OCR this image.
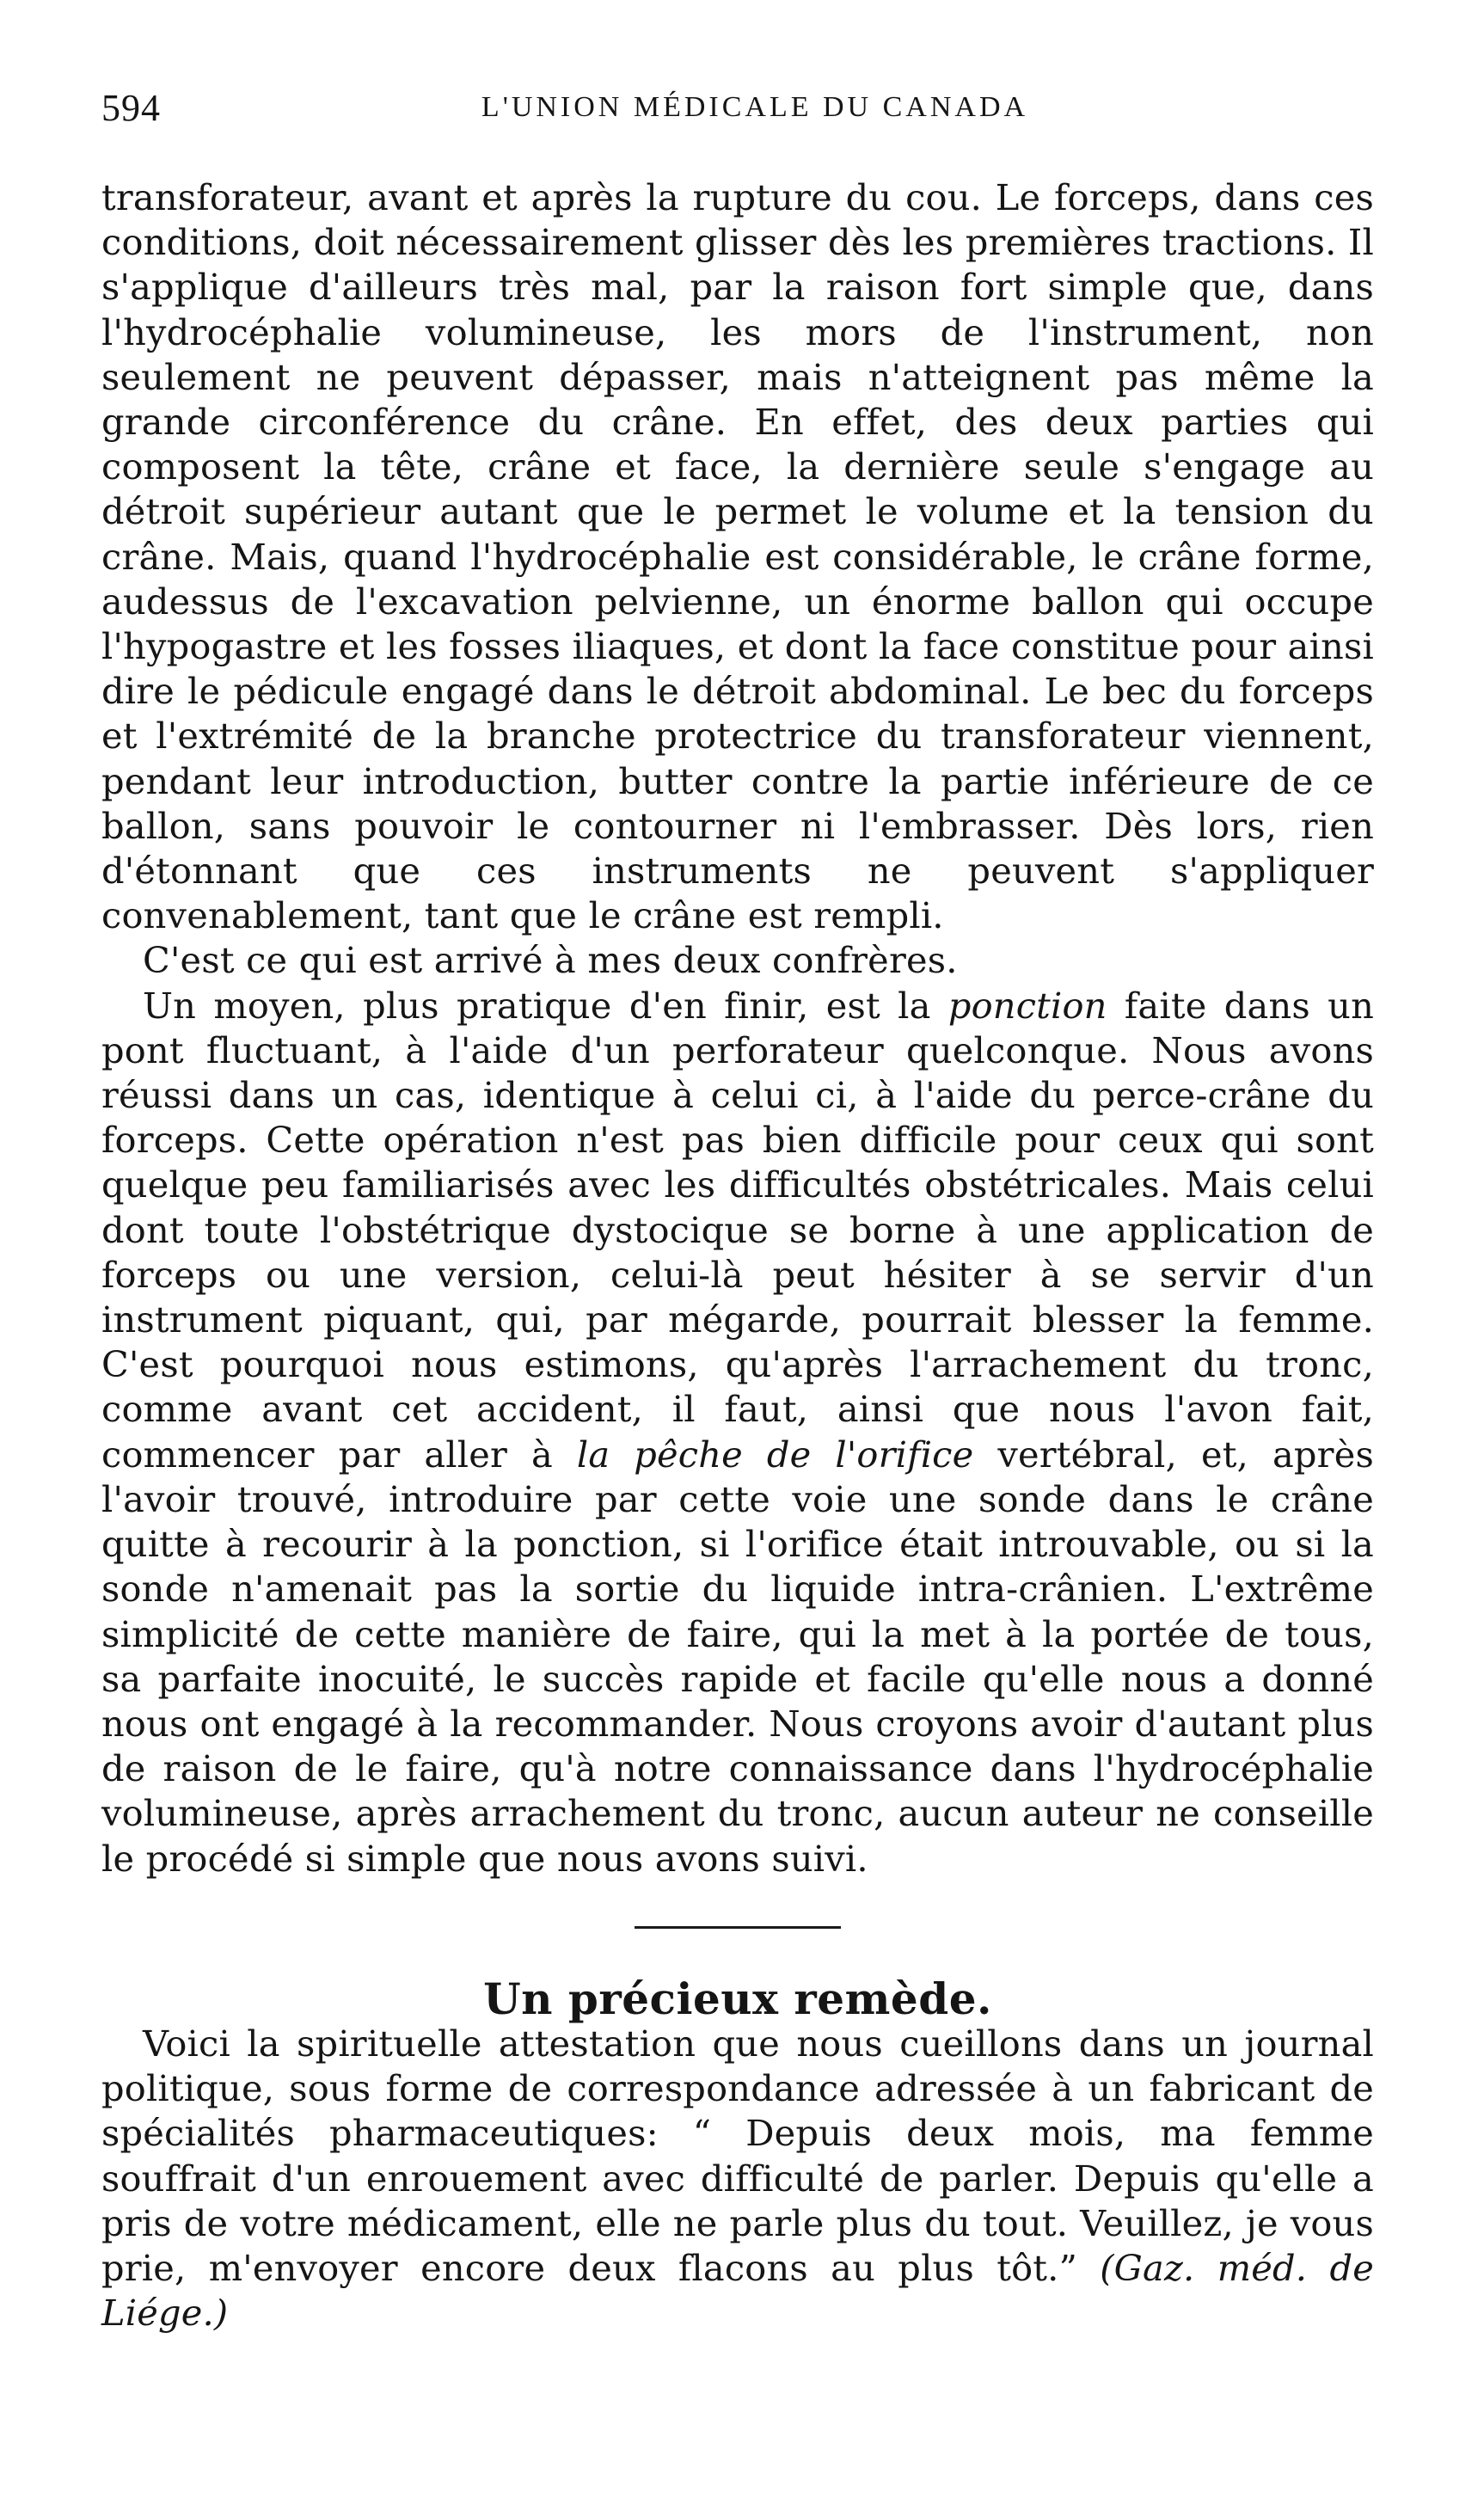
594	L'UNION MÉDICALE DU CANADA

transforateur, avant et après la rupture du cou. Le forceps, dans ces conditions, doit nécessairement glisser dès les premières tractions. Il s'applique d'ailleurs très mal, par la raison fort simple que, dans l'hydrocéphalie volumineuse, les mors de l'instrument, non seulement ne peuvent dépasser, mais n'atteignent pas même la grande circonférence du crâne. En effet, des deux parties qui composent la tête, crâne et face, la dernière seule s'engage au détroit supérieur autant que le permet le volume et la tension du crâne. Mais, quand l'hydrocéphalie est considérable, le crâne forme, audessus de l'excavation pelvienne, un énorme ballon qui occupe l'hypogastre et les fosses iliaques, et dont la face constitue pour ainsi dire le pédicule engagé dans le détroit abdominal. Le bec du forceps et l'extrémité de la branche protectrice du transforateur viennent, pendant leur introduction, butter contre la partie inférieure de ce ballon, sans pouvoir le contourner ni l'embrasser. Dès lors, rien d'étonnant que ces instruments ne peuvent s'appliquer convenablement, tant que le crâne est rempli.

C'est ce qui est arrivé à mes deux confrères.

Un moyen, plus pratique d'en finir, est la ponction faite dans un pont fluctuant, à l'aide d'un perforateur quelconque. Nous avons réussi dans un cas, identique à celui ci, à l'aide du perce-crâne du forceps. Cette opération n'est pas bien difficile pour ceux qui sont quelque peu familiarisés avec les difficultés obstétricales. Mais celui dont toute l'obstétrique dystocique se borne à une application de forceps ou une version, celui-là peut hésiter à se servir d'un instrument piquant, qui, par mégarde, pourrait blesser la femme. C'est pourquoi nous estimons, qu'après l'arrachement du tronc, comme avant cet accident, il faut, ainsi que nous l'avon fait, commencer par aller à la pêche de l'orifice vertébral, et, après l'avoir trouvé, introduire par cette voie une sonde dans le crâne quitte à recourir à la ponction, si l'orifice était introuvable, ou si la sonde n'amenait pas la sortie du liquide intra-crânien. L'extrême simplicité de cette manière de faire, qui la met à la portée de tous, sa parfaite inocuité, le succès rapide et facile qu'elle nous a donné nous ont engagé à la recommander. Nous croyons avoir d'autant plus de raison de le faire, qu'à notre connaissance dans l'hydrocéphalie volumineuse, après arrachement du tronc, aucun auteur ne conseille le procédé si simple que nous avons suivi.

Un précieux remède.

Voici la spirituelle attestation que nous cueillons dans un journal politique, sous forme de correspondance adressée à un fabricant de spécialités pharmaceutiques: “ Depuis deux mois, ma femme souffrait d'un enrouement avec difficulté de parler. Depuis qu'elle a pris de votre médicament, elle ne parle plus du tout. Veuillez, je vous prie, m'envoyer encore deux flacons au plus tôt.” (Gaz. méd. de Liége.)
